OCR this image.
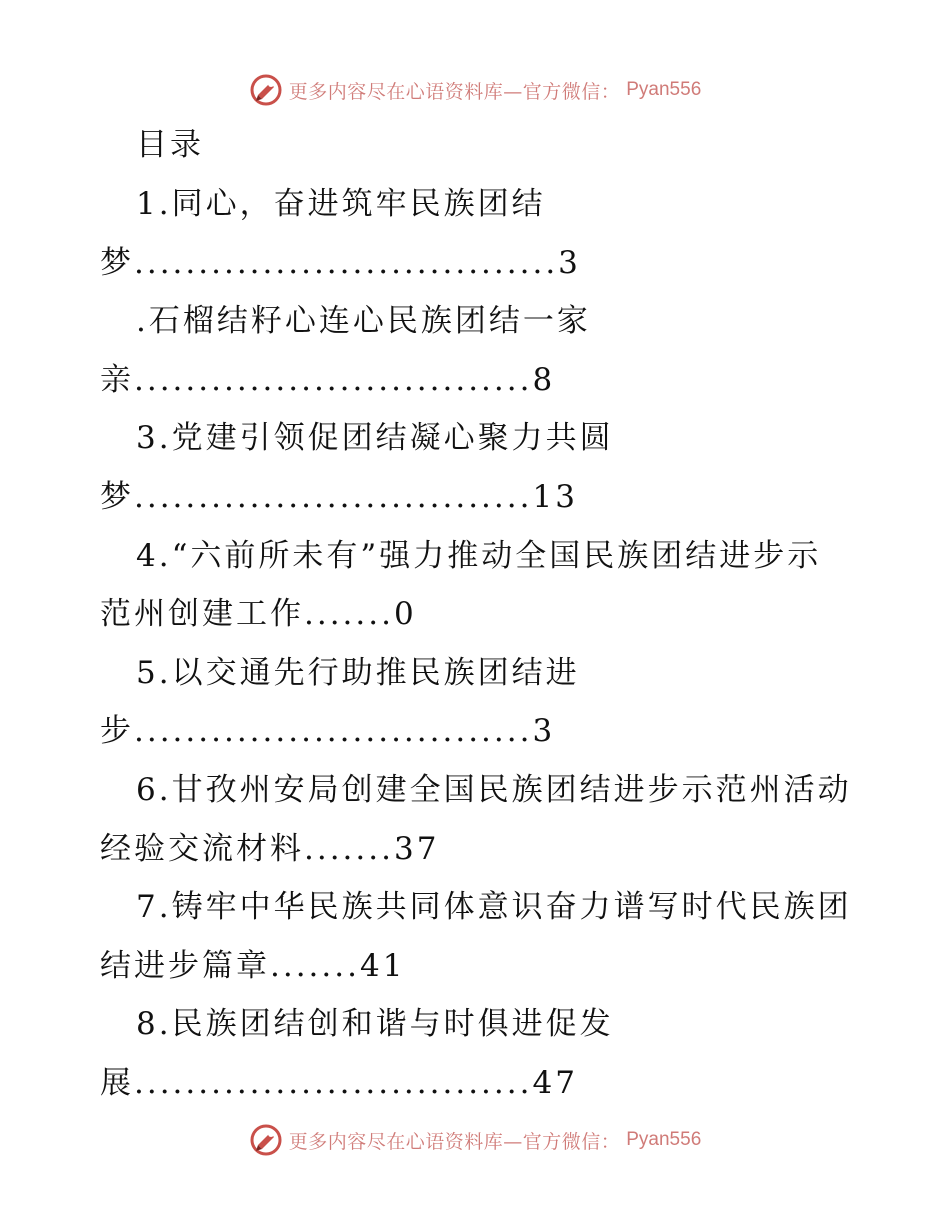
更多内容尽在心语资料库—官方微信： Pyan556
目录
1.同心，奋进筑牢民族团结
梦.................................3
.石榴结籽心连心民族团结一家
亲...............................8
3.党建引领促团结凝心聚力共圆
梦...............................13
4.“六前所未有”强力推动全国民族团结进步示
范州创建工作.......0
5.以交通先行助推民族团结进
步...............................3
6.甘孜州安局创建全国民族团结进步示范州活动
经验交流材料.......37
7.铸牢中华民族共同体意识奋力谱写时代民族团
结进步篇章.......41
8.民族团结创和谐与时俱进促发
展...............................47
更多内容尽在心语资料库—官方微信： Pyan556
